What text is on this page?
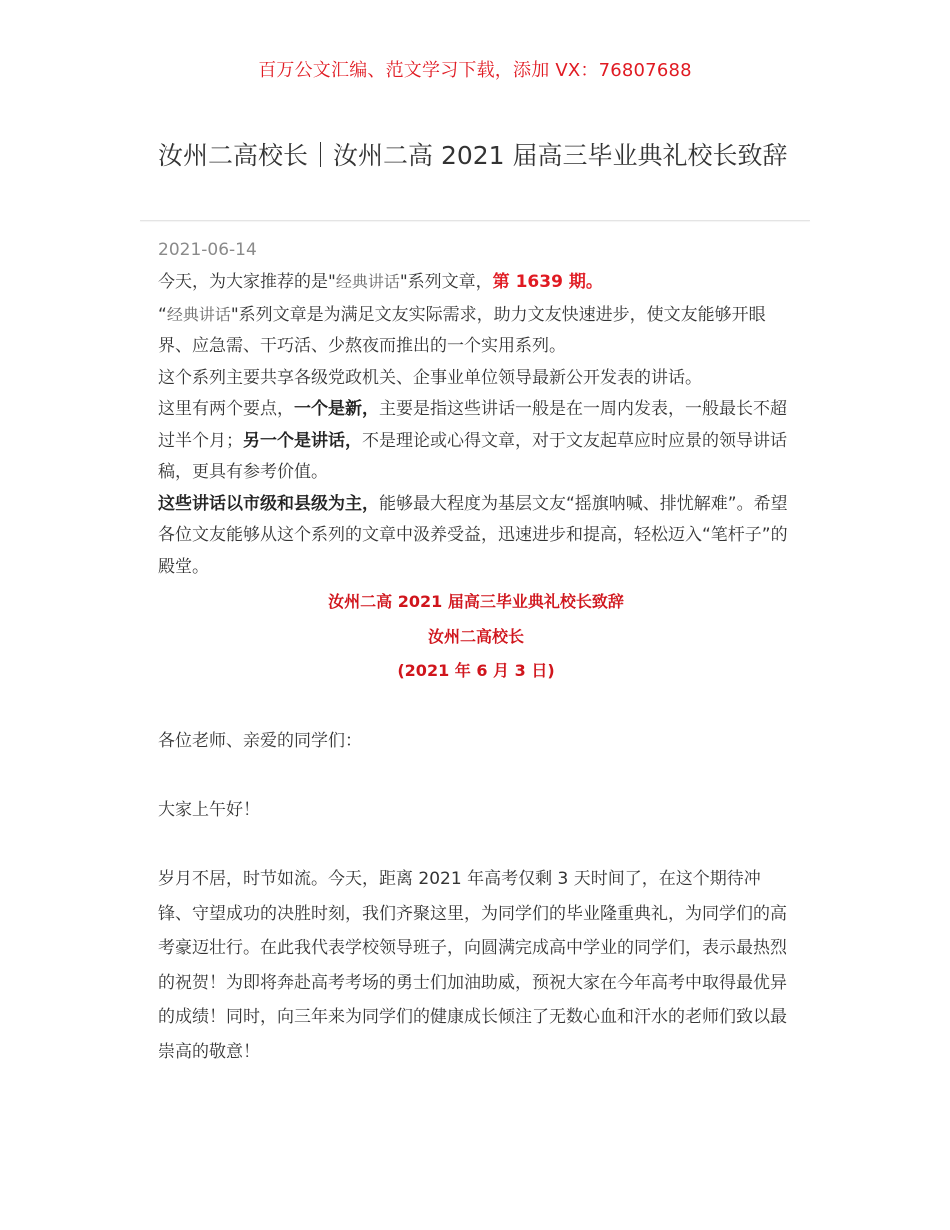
百万公文汇编、范文学习下载，添加 VX：76807688
汝州二高校长｜汝州二高 2021 届高三毕业典礼校长致辞
2021-06-14

今天，为大家推荐的是"经典讲话"系列文章，第 1639 期。

“经典讲话"系列文章是为满足文友实际需求，助力文友快速进步，使文友能够开眼界、应急需、干巧活、少熬夜而推出的一个实用系列。

这个系列主要共享各级党政机关、企事业单位领导最新公开发表的讲话。

这里有两个要点，一个是新，主要是指这些讲话一般是在一周内发表，一般最长不超过半个月；另一个是讲话，不是理论或心得文章，对于文友起草应时应景的领导讲话稿，更具有参考价值。

这些讲话以市级和县级为主，能够最大程度为基层文友“摇旗呐喊、排忧解难”。希望各位文友能够从这个系列的文章中汲养受益，迅速进步和提高，轻松迈入“笔杆子”的殿堂。

汝州二高 2021 届高三毕业典礼校长致辞

汝州二高校长

(2021 年 6 月 3 日)

各位老师、亲爱的同学们：

大家上午好！

岁月不居，时节如流。今天，距离 2021 年高考仅剩 3 天时间了，在这个期待冲锋、守望成功的决胜时刻，我们齐聚这里，为同学们的毕业隆重典礼，为同学们的高考豪迈壮行。在此我代表学校领导班子，向圆满完成高中学业的同学们，表示最热烈的祝贺！为即将奔赴高考考场的勇士们加油助威，预祝大家在今年高考中取得最优异的成绩！同时，向三年来为同学们的健康成长倾注了无数心血和汗水的老师们致以最崇高的敬意！
